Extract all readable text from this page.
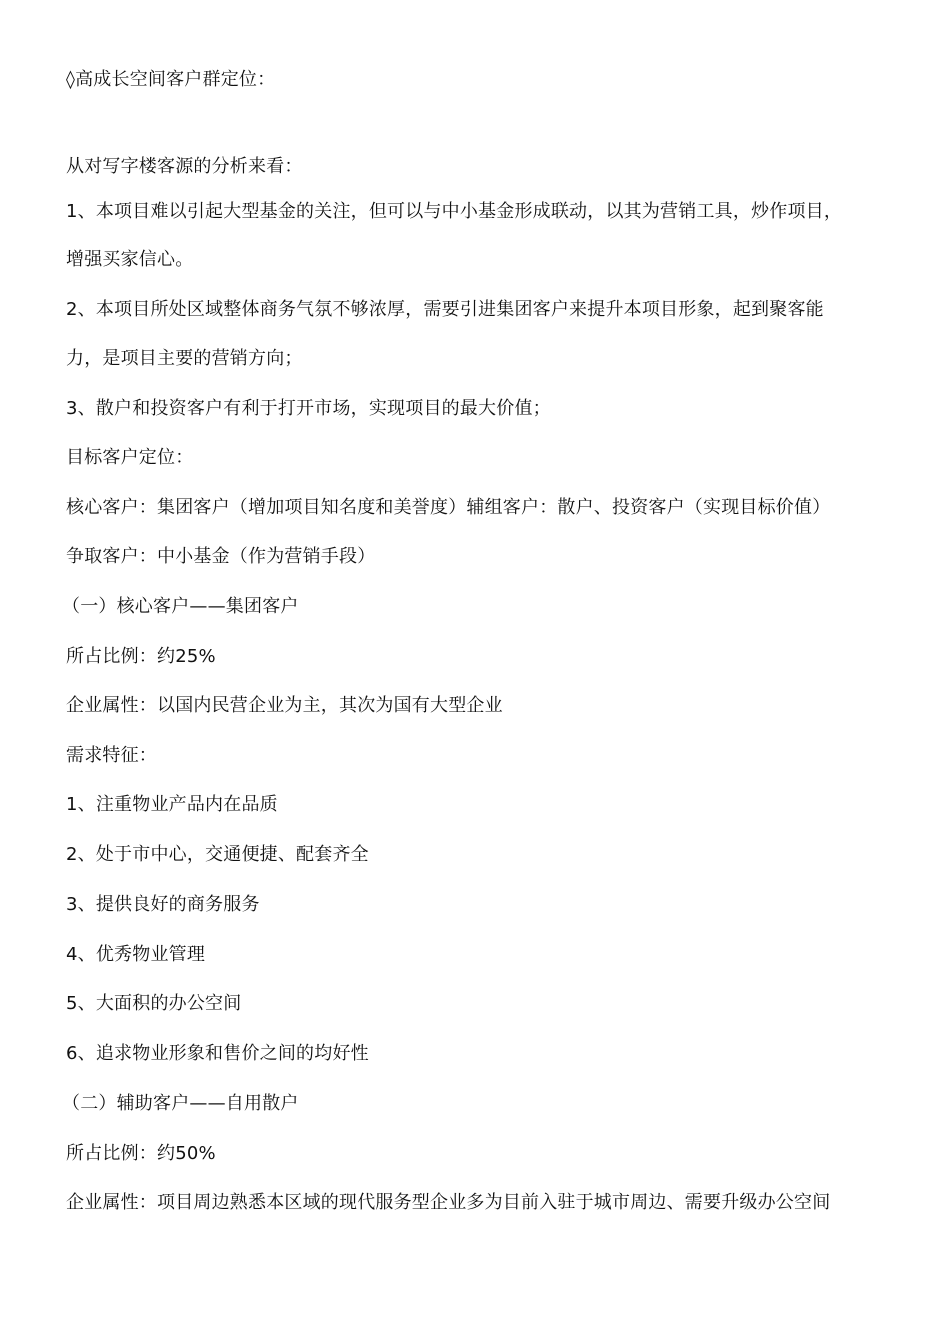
◊高成长空间客户群定位：
从对写字楼客源的分析来看：
1、本项目难以引起大型基金的关注，但可以与中小基金形成联动，以其为营销工具，炒作项目，
增强买家信心。
2、本项目所处区域整体商务气氛不够浓厚，需要引进集团客户来提升本项目形象，起到聚客能
力，是项目主要的营销方向；
3、散户和投资客户有利于打开市场，实现项目的最大价值；
目标客户定位：
核心客户：集团客户（增加项目知名度和美誉度）辅组客户：散户、投资客户（实现目标价值）
争取客户：中小基金（作为营销手段）
（一）核心客户——集团客户
所占比例：约25%
企业属性：以国内民营企业为主，其次为国有大型企业
需求特征：
1、注重物业产品内在品质
2、处于市中心，交通便捷、配套齐全
3、提供良好的商务服务
4、优秀物业管理
5、大面积的办公空间
6、追求物业形象和售价之间的均好性
（二）辅助客户——自用散户
所占比例：约50%
企业属性：项目周边熟悉本区域的现代服务型企业多为目前入驻于城市周边、需要升级办公空间
